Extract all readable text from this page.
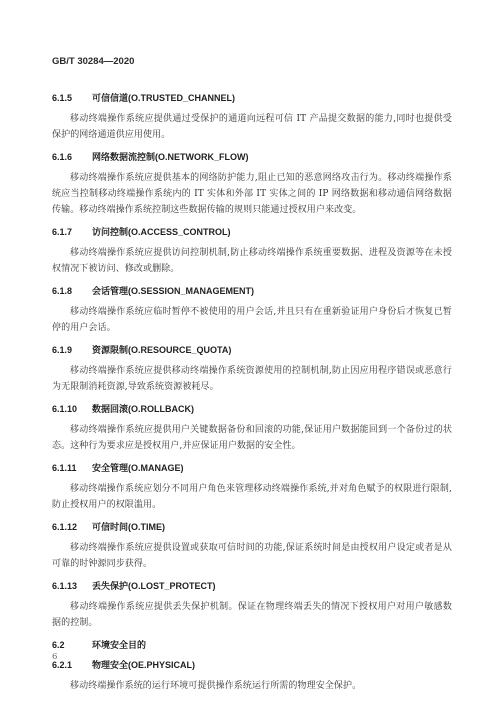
GB/T 30284—2020
6.1.5 可信信道(O.TRUSTED_CHANNEL)
移动终端操作系统应提供通过受保护的通道向远程可信 IT 产品提交数据的能力,同时也提供受保护的网络通道供应用使用。
6.1.6 网络数据流控制(O.NETWORK_FLOW)
移动终端操作系统应提供基本的网络防护能力,阻止已知的恶意网络攻击行为。移动终端操作系统应当控制移动终端操作系统内的 IT 实体和外部 IT 实体之间的 IP 网络数据和移动通信网络数据传输。移动终端操作系统控制这些数据传输的规则只能通过授权用户来改变。
6.1.7 访问控制(O.ACCESS_CONTROL)
移动终端操作系统应提供访问控制机制,防止移动终端操作系统重要数据、进程及资源等在未授权情况下被访问、修改或删除。
6.1.8 会话管理(O.SESSION_MANAGEMENT)
移动终端操作系统应临时暂停不被使用的用户会话,并且只有在重新验证用户身份后才恢复已暂停的用户会话。
6.1.9 资源限制(O.RESOURCE_QUOTA)
移动终端操作系统应提供移动终端操作系统资源使用的控制机制,防止因应用程序错误或恶意行为无限制消耗资源,导致系统资源被耗尽。
6.1.10 数据回滚(O.ROLLBACK)
移动终端操作系统应提供用户关键数据备份和回滚的功能,保证用户数据能回到一个备份过的状态。这种行为要求应是授权用户,并应保证用户数据的安全性。
6.1.11 安全管理(O.MANAGE)
移动终端操作系统应划分不同用户角色来管理移动终端操作系统,并对角色赋予的权限进行限制,防止授权用户的权限滥用。
6.1.12 可信时间(O.TIME)
移动终端操作系统应提供设置或获取可信时间的功能,保证系统时间是由授权用户设定或者是从可靠的时钟源同步获得。
6.1.13 丢失保护(O.LOST_PROTECT)
移动终端操作系统应提供丢失保护机制。保证在物理终端丢失的情况下授权用户对用户敏感数据的控制。
6.2	环境安全目的
6.2.1 物理安全(OE.PHYSICAL)
移动终端操作系统的运行环境可提供操作系统运行所需的物理安全保护。
6
